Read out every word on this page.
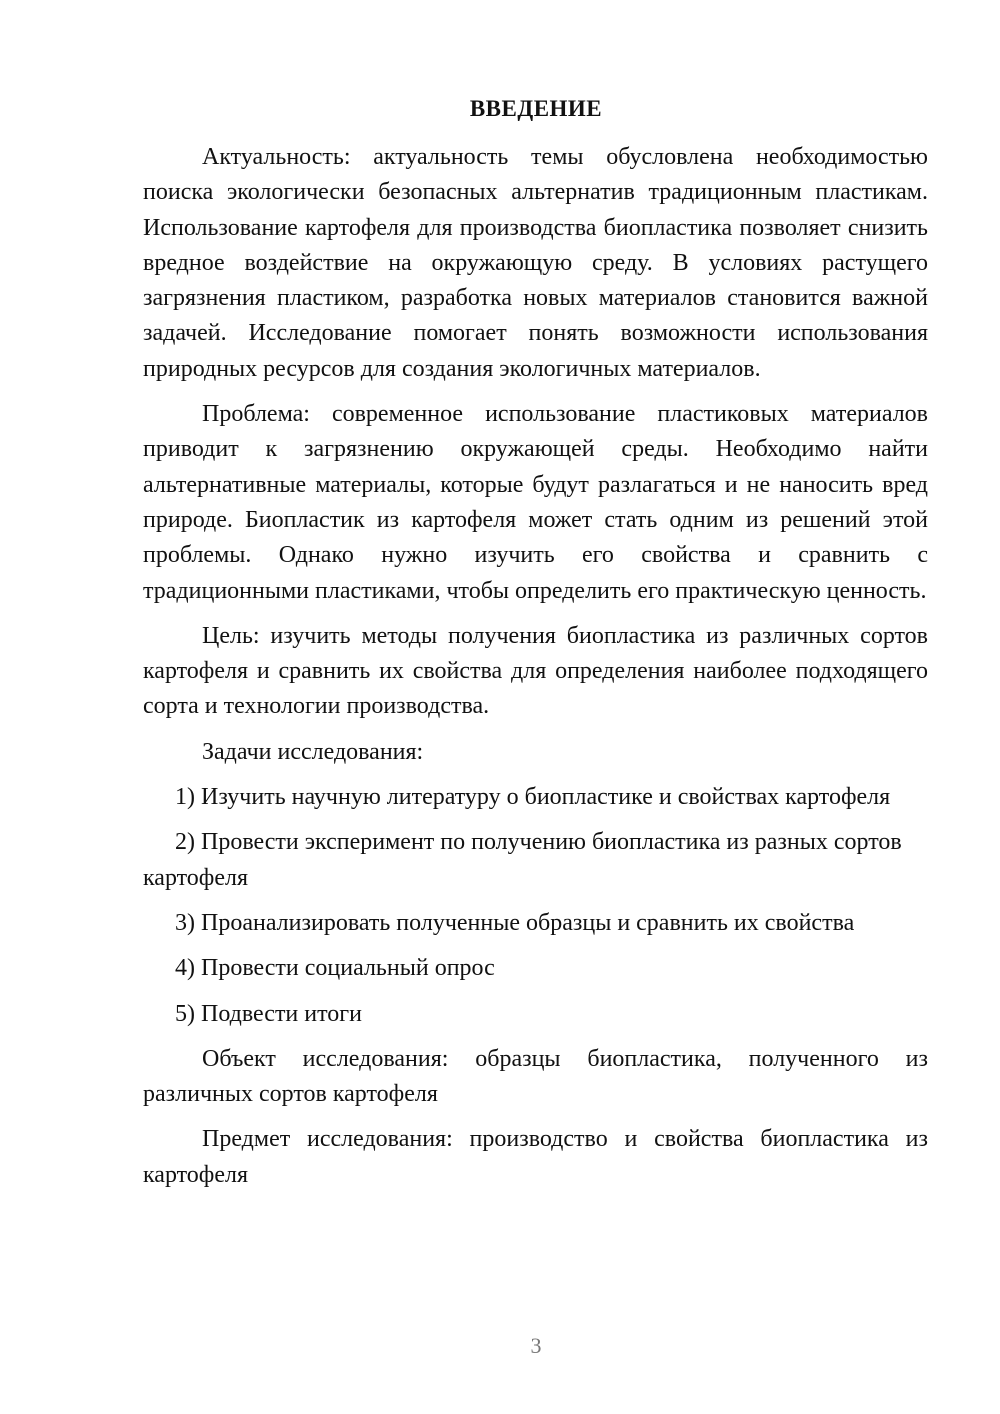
ВВЕДЕНИЕ

Актуальность: актуальность темы обусловлена необходимостью поиска экологически безопасных альтернатив традиционным пластикам. Использование картофеля для производства биопластика позволяет снизить вредное воздействие на окружающую среду. В условиях растущего загрязнения пластиком, разработка новых материалов становится важной задачей. Исследование помогает понять возможности использования природных ресурсов для создания экологичных материалов.

Проблема: современное использование пластиковых материалов приводит к загрязнению окружающей среды. Необходимо найти альтернативные материалы, которые будут разлагаться и не наносить вред природе. Биопластик из картофеля может стать одним из решений этой проблемы. Однако нужно изучить его свойства и сравнить с традиционными пластиками, чтобы определить его практическую ценность.

Цель: изучить методы получения биопластика из различных сортов картофеля и сравнить их свойства для определения наиболее подходящего сорта и технологии производства.

Задачи исследования:

1) Изучить научную литературу о биопластике и свойствах картофеля

2) Провести эксперимент по получению биопластика из разных сортов картофеля

3) Проанализировать полученные образцы и сравнить их свойства

4) Провести социальный опрос

5) Подвести итоги

Объект исследования: образцы биопластика, полученного из различных сортов картофеля

Предмет исследования: производство и свойства биопластика из картофеля

3
